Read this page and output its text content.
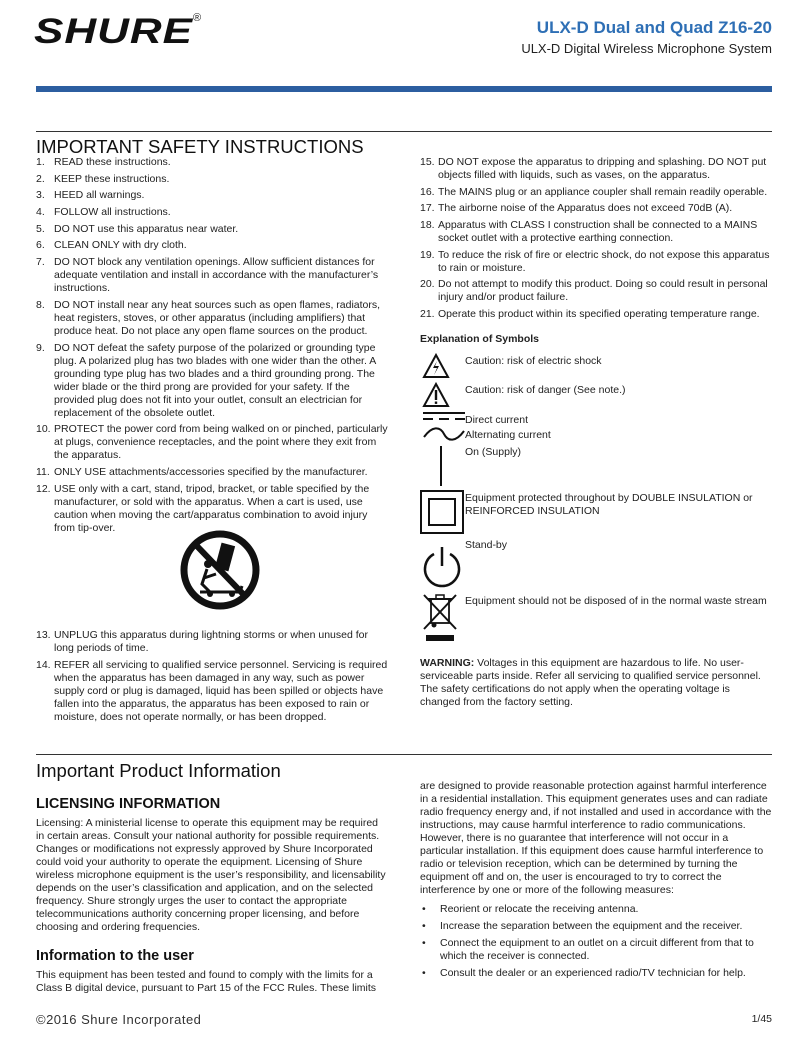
SHURE®	ULX-D Dual and Quad Z16-20
ULX-D Digital Wireless Microphone System
IMPORTANT SAFETY INSTRUCTIONS
1. READ these instructions.
2. KEEP these instructions.
3. HEED all warnings.
4. FOLLOW all instructions.
5. DO NOT use this apparatus near water.
6. CLEAN ONLY with dry cloth.
7. DO NOT block any ventilation openings. Allow sufficient distances for adequate ventilation and install in accordance with the manufacturer’s instructions.
8. DO NOT install near any heat sources such as open flames, radiators, heat registers, stoves, or other apparatus (including amplifiers) that produce heat. Do not place any open flame sources on the product.
9. DO NOT defeat the safety purpose of the polarized or grounding type plug. A polarized plug has two blades with one wider than the other. A grounding type plug has two blades and a third grounding prong. The wider blade or the third prong are provided for your safety. If the provided plug does not fit into your outlet, consult an electrician for replacement of the obsolete outlet.
10. PROTECT the power cord from being walked on or pinched, particularly at plugs, convenience receptacles, and the point where they exit from the apparatus.
11. ONLY USE attachments/accessories specified by the manufacturer.
12. USE only with a cart, stand, tripod, bracket, or table specified by the manufacturer, or sold with the apparatus. When a cart is used, use caution when moving the cart/apparatus combination to avoid injury from tip-over.
13. UNPLUG this apparatus during lightning storms or when unused for long periods of time.
14. REFER all servicing to qualified service personnel. Servicing is required when the apparatus has been damaged in any way, such as power supply cord or plug is damaged, liquid has been spilled or objects have fallen into the apparatus, the apparatus has been exposed to rain or moisture, does not operate normally, or has been dropped.
15. DO NOT expose the apparatus to dripping and splashing. DO NOT put objects filled with liquids, such as vases, on the apparatus.
16. The MAINS plug or an appliance coupler shall remain readily operable.
17. The airborne noise of the Apparatus does not exceed 70dB (A).
18. Apparatus with CLASS I construction shall be connected to a MAINS socket outlet with a protective earthing connection.
19. To reduce the risk of fire or electric shock, do not expose this apparatus to rain or moisture.
20. Do not attempt to modify this product. Doing so could result in personal injury and/or product failure.
21. Operate this product within its specified operating temperature range.
Explanation of Symbols
Caution: risk of electric shock
Caution: risk of danger (See note.)
Direct current
Alternating current
On (Supply)
Equipment protected throughout by DOUBLE INSULATION or REINFORCED INSULATION
Stand-by
Equipment should not be disposed of in the normal waste stream
WARNING: Voltages in this equipment are hazardous to life. No user-serviceable parts inside. Refer all servicing to qualified service personnel. The safety certifications do not apply when the operating voltage is changed from the factory setting.
Important Product Information
LICENSING INFORMATION
Licensing: A ministerial license to operate this equipment may be required in certain areas. Consult your national authority for possible requirements. Changes or modifications not expressly approved by Shure Incorporated could void your authority to operate the equipment. Licensing of Shure wireless microphone equipment is the user’s responsibility, and licensability depends on the user’s classification and application, and on the selected frequency. Shure strongly urges the user to contact the appropriate telecommunications authority concerning proper licensing, and before choosing and ordering frequencies.
Information to the user
This equipment has been tested and found to comply with the limits for a Class B digital device, pursuant to Part 15 of the FCC Rules. These limits
are designed to provide reasonable protection against harmful interference in a residential installation. This equipment generates uses and can radiate radio frequency energy and, if not installed and used in accordance with the instructions, may cause harmful interference to radio communications. However, there is no guarantee that interference will not occur in a particular installation. If this equipment does cause harmful interference to radio or television reception, which can be determined by turning the equipment off and on, the user is encouraged to try to correct the interference by one or more of the following measures:
• Reorient or relocate the receiving antenna.
• Increase the separation between the equipment and the receiver.
• Connect the equipment to an outlet on a circuit different from that to which the receiver is connected.
• Consult the dealer or an experienced radio/TV technician for help.
©2016 Shure Incorporated	1/45
